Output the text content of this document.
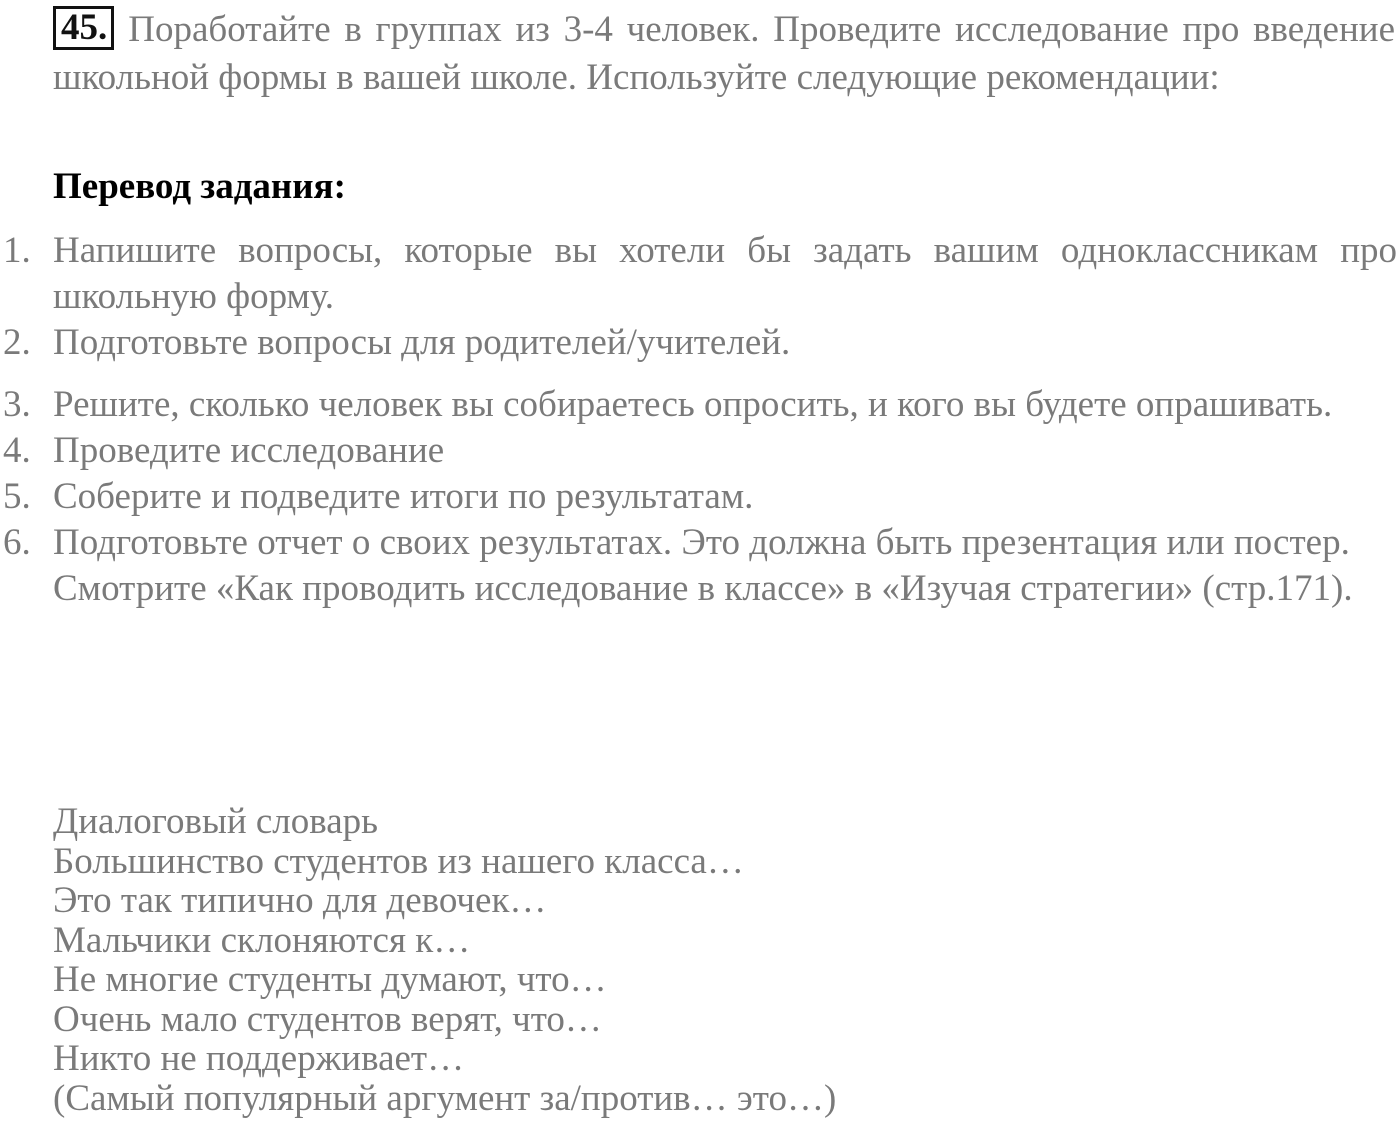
45. Поработайте в группах из 3-4 человек. Проведите исследование про введение школьной формы в вашей школе. Используйте следующие рекомендации:
Перевод задания:
1. Напишите вопросы, которые вы хотели бы задать вашим одноклассникам про школьную форму.
2. Подготовьте вопросы для родителей/учителей.
3. Решите, сколько человек вы собираетесь опросить, и кого вы будете опрашивать.
4. Проведите исследование
5. Соберите и подведите итоги по результатам.
6. Подготовьте отчет о своих результатах. Это должна быть презентация или постер.
Смотрите «Как проводить исследование в классе» в «Изучая стратегии» (стр.171).
Диалоговый словарь
Большинство студентов из нашего класса…
Это так типично для девочек…
Мальчики склоняются к…
Не многие студенты думают, что…
Очень мало студентов верят, что…
Никто не поддерживает…
(Самый популярный аргумент за/против… это…)
